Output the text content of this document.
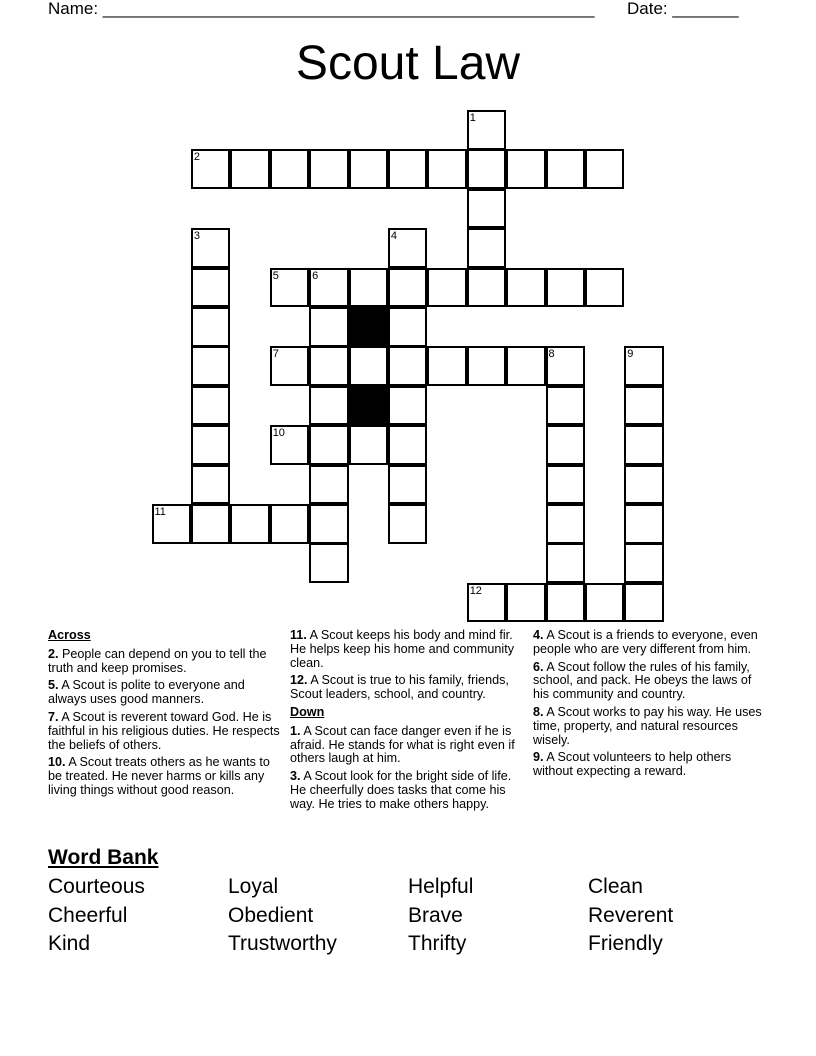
Name: ____________________________________________________ Date: _______
Scout Law
1
2
3	4
5	6
7	8	9
10
11
12
Across
2. People can depend on you to tell the truth and keep promises.
5. A Scout is polite to everyone and always uses good manners.
7. A Scout is reverent toward God. He is faithful in his religious duties. He respects the beliefs of others.
10. A Scout treats others as he wants to be treated. He never harms or kills any living things without good reason.
11. A Scout keeps his body and mind fir. He helps keep his home and community clean.
12. A Scout is true to his family, friends, Scout leaders, school, and country.
Down
1. A Scout can face danger even if he is afraid. He stands for what is right even if others laugh at him.
3. A Scout look for the bright side of life. He cheerfully does tasks that come his way. He tries to make others happy.
4. A Scout is a friends to everyone, even people who are very different from him.
6. A Scout follow the rules of his family, school, and pack. He obeys the laws of his community and country.
8. A Scout works to pay his way. He uses time, property, and natural resources wisely.
9. A Scout volunteers to help others without expecting a reward.
Word Bank
Courteous	Loyal	Helpful	Clean
Cheerful	Obedient	Brave	Reverent
Kind	Trustworthy	Thrifty	Friendly
